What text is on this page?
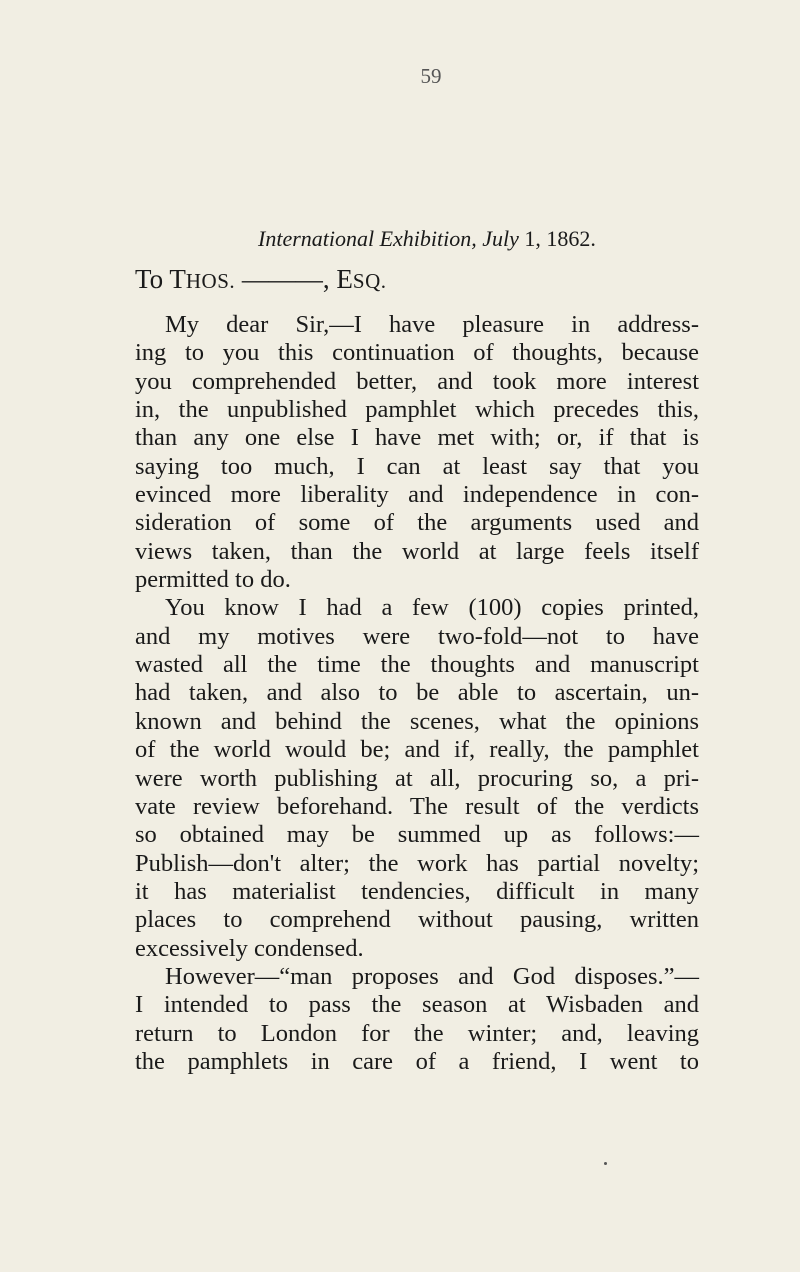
59
International Exhibition, July 1, 1862.
To THOS. ———, ESQ.
My dear Sir,—I have pleasure in address-
ing to you this continuation of thoughts, because
you comprehended better, and took more interest
in, the unpublished pamphlet which precedes this,
than any one else I have met with; or, if that is
saying too much, I can at least say that you
evinced more liberality and independence in con-
sideration of some of the arguments used and
views taken, than the world at large feels itself
permitted to do.
You know I had a few (100) copies printed,
and my motives were two-fold—not to have
wasted all the time the thoughts and manuscript
had taken, and also to be able to ascertain, un-
known and behind the scenes, what the opinions
of the world would be; and if, really, the pamphlet
were worth publishing at all, procuring so, a pri-
vate review beforehand. The result of the verdicts
so obtained may be summed up as follows:—
Publish—don't alter; the work has partial novelty;
it has materialist tendencies, difficult in many
places to comprehend without pausing, written
excessively condensed.
However—“man proposes and God disposes.”—
I intended to pass the season at Wisbaden and
return to London for the winter; and, leaving
the pamphlets in care of a friend, I went to
